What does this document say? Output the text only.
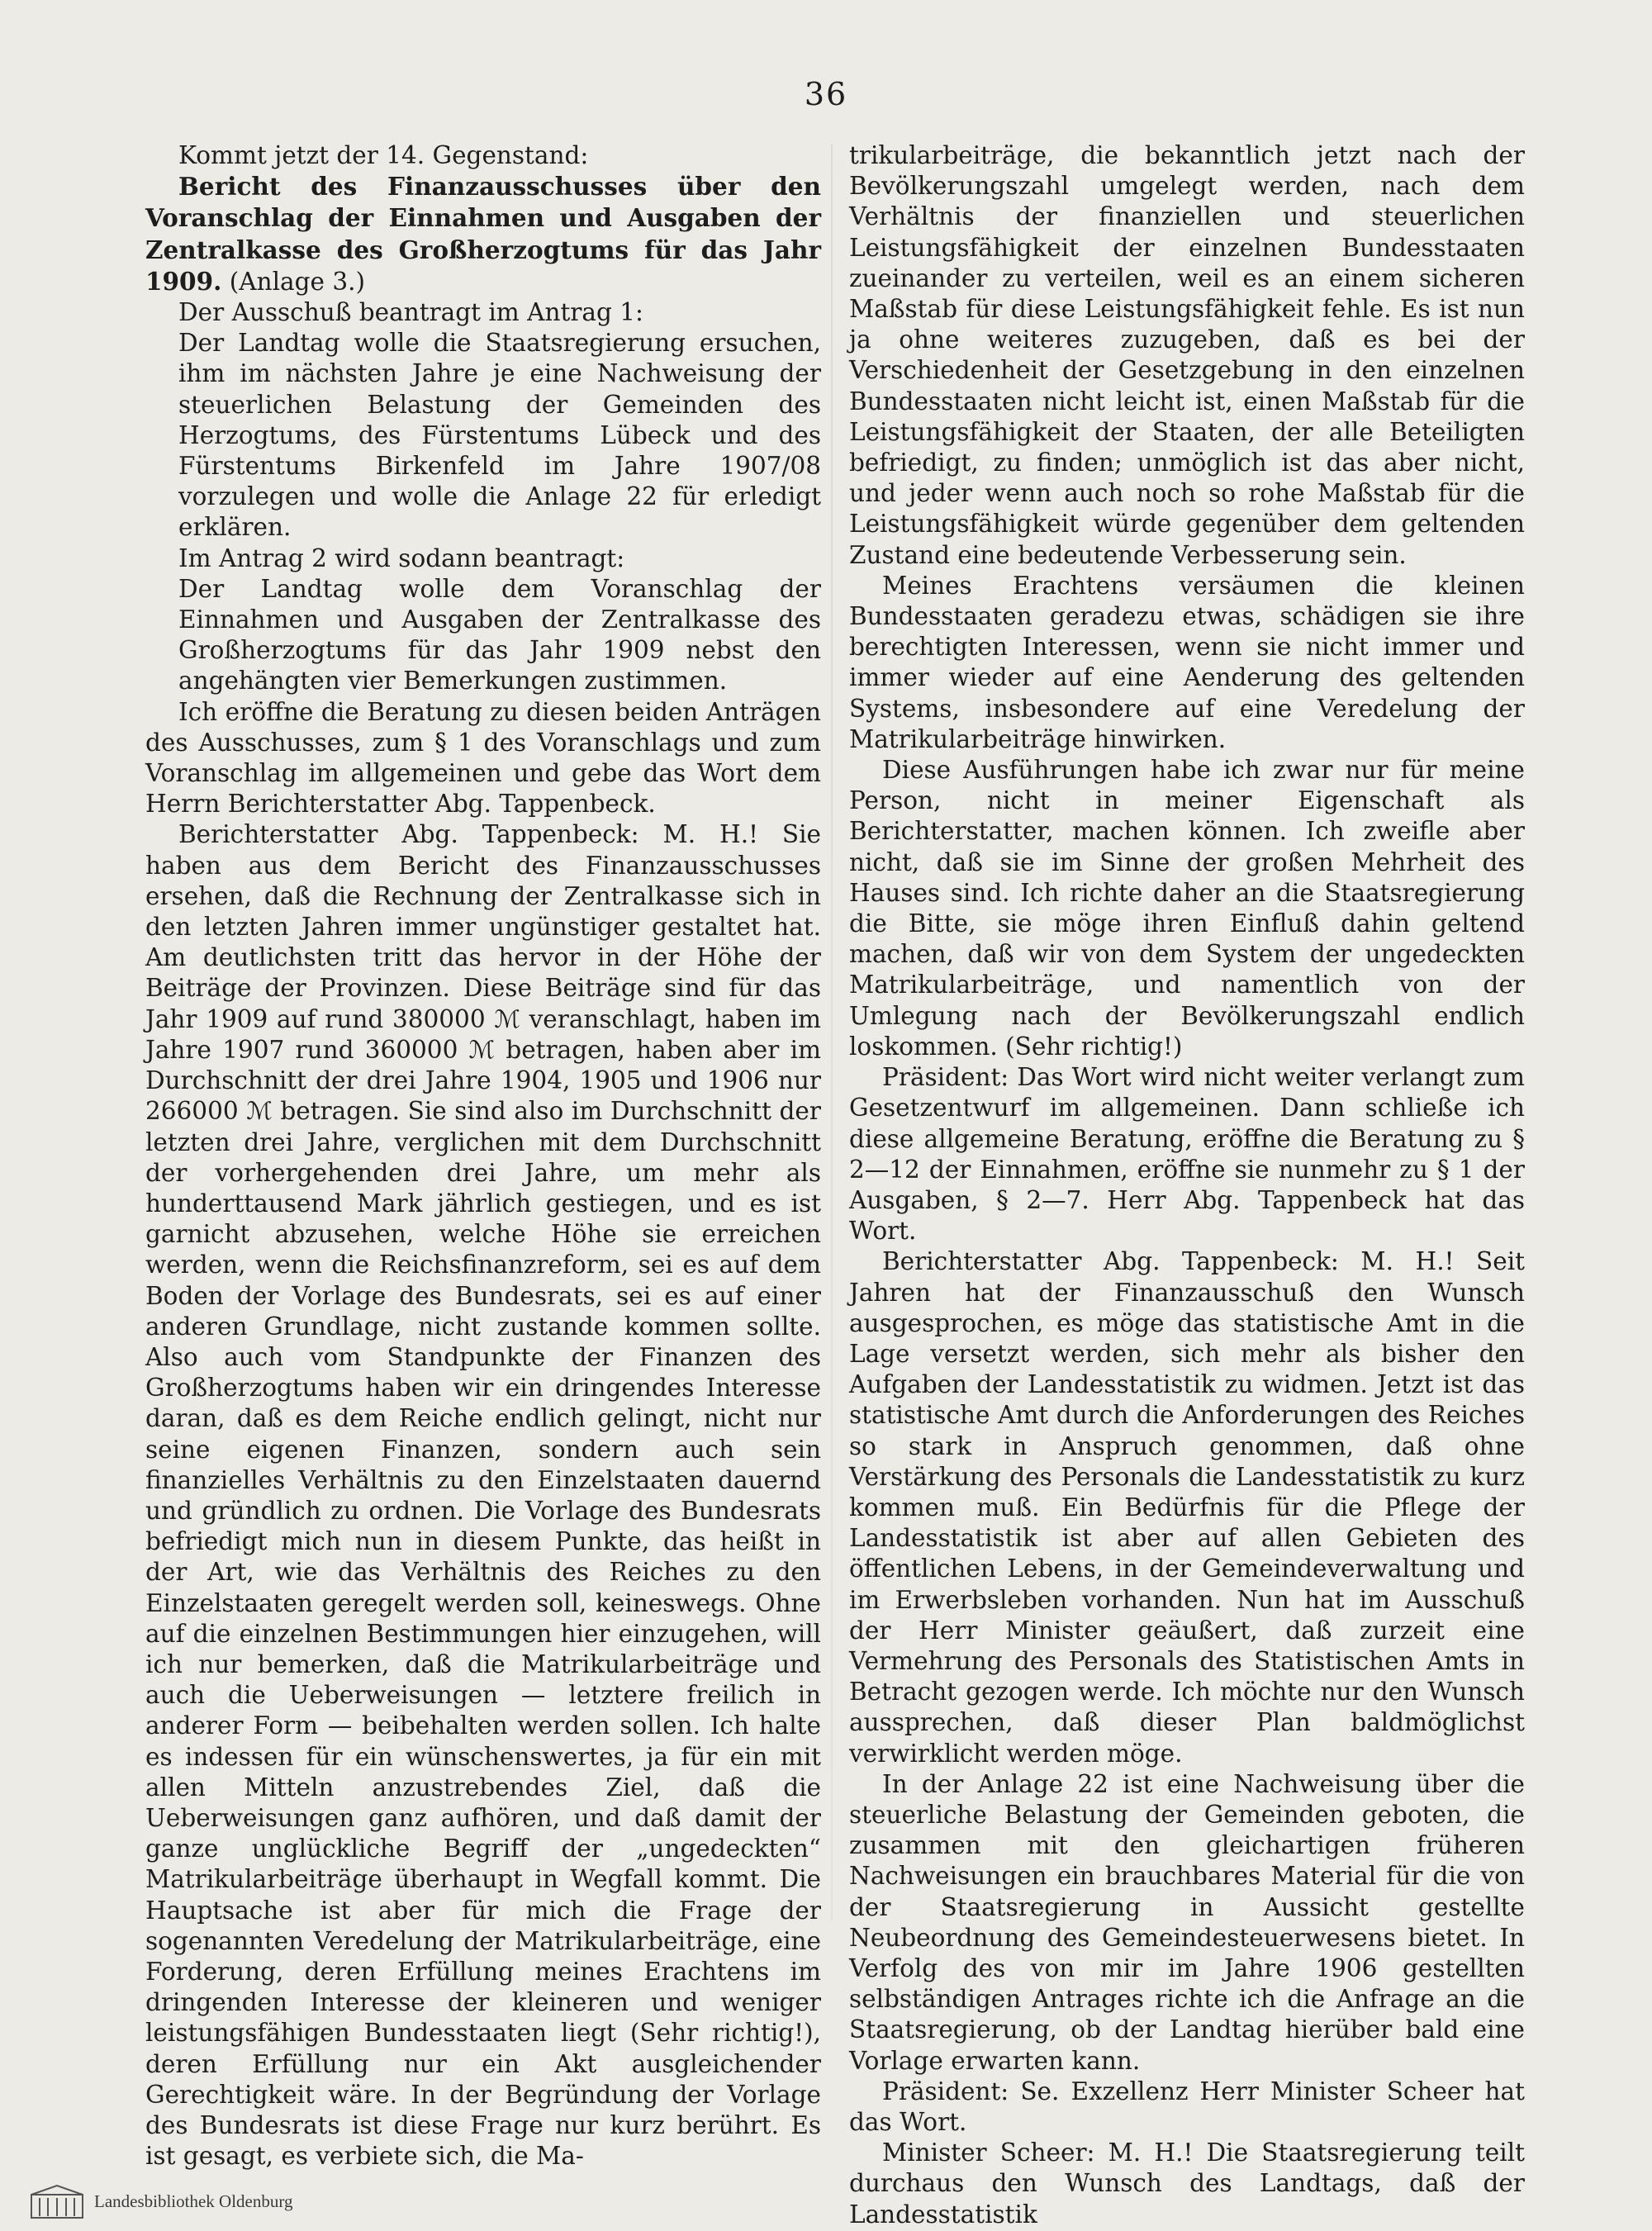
36

Kommt jetzt der 14. Gegenstand:

Bericht des Finanzausschusses über den Voranschlag der Einnahmen und Ausgaben der Zentralkasse des Großherzogtums für das Jahr 1909. (Anlage 3.)

Der Ausschuß beantragt im Antrag 1:

Der Landtag wolle die Staatsregierung ersuchen, ihm im nächsten Jahre je eine Nachweisung der steuerlichen Belastung der Gemeinden des Herzogtums, des Fürstentums Lübeck und des Fürstentums Birkenfeld im Jahre 1907/08 vorzulegen und wolle die Anlage 22 für erledigt erklären.

Im Antrag 2 wird sodann beantragt:

Der Landtag wolle dem Voranschlag der Einnahmen und Ausgaben der Zentralkasse des Großherzogtums für das Jahr 1909 nebst den angehängten vier Bemerkungen zustimmen.

Ich eröffne die Beratung zu diesen beiden Anträgen des Ausschusses, zum § 1 des Voranschlags und zum Voranschlag im allgemeinen und gebe das Wort dem Herrn Berichterstatter Abg. Tappenbeck.

Berichterstatter Abg. Tappenbeck: M. H.! Sie haben aus dem Bericht des Finanzausschusses ersehen, daß die Rechnung der Zentralkasse sich in den letzten Jahren immer ungünstiger gestaltet hat. Am deutlichsten tritt das hervor in der Höhe der Beiträge der Provinzen. Diese Beiträge sind für das Jahr 1909 auf rund 380000 ℳ veranschlagt, haben im Jahre 1907 rund 360000 ℳ betragen, haben aber im Durchschnitt der drei Jahre 1904, 1905 und 1906 nur 266000 ℳ betragen. Sie sind also im Durchschnitt der letzten drei Jahre, verglichen mit dem Durchschnitt der vorhergehenden drei Jahre, um mehr als hunderttausend Mark jährlich gestiegen, und es ist garnicht abzusehen, welche Höhe sie erreichen werden, wenn die Reichsfinanzreform, sei es auf dem Boden der Vorlage des Bundesrats, sei es auf einer anderen Grundlage, nicht zustande kommen sollte. Also auch vom Standpunkte der Finanzen des Großherzogtums haben wir ein dringendes Interesse daran, daß es dem Reiche endlich gelingt, nicht nur seine eigenen Finanzen, sondern auch sein finanzielles Verhältnis zu den Einzelstaaten dauernd und gründlich zu ordnen. Die Vorlage des Bundesrats befriedigt mich nun in diesem Punkte, das heißt in der Art, wie das Verhältnis des Reiches zu den Einzelstaaten geregelt werden soll, keineswegs. Ohne auf die einzelnen Bestimmungen hier einzugehen, will ich nur bemerken, daß die Matrikularbeiträge und auch die Ueberweisungen — letztere freilich in anderer Form — beibehalten werden sollen. Ich halte es indessen für ein wünschenswertes, ja für ein mit allen Mitteln anzustrebendes Ziel, daß die Ueberweisungen ganz aufhören, und daß damit der ganze unglückliche Begriff der „ungedeckten“ Matrikularbeiträge überhaupt in Wegfall kommt. Die Hauptsache ist aber für mich die Frage der sogenannten Veredelung der Matrikularbeiträge, eine Forderung, deren Erfüllung meines Erachtens im dringenden Interesse der kleineren und weniger leistungsfähigen Bundesstaaten liegt (Sehr richtig!), deren Erfüllung nur ein Akt ausgleichender Gerechtigkeit wäre. In der Begründung der Vorlage des Bundesrats ist diese Frage nur kurz berührt. Es ist gesagt, es verbiete sich, die Ma-

trikularbeiträge, die bekanntlich jetzt nach der Bevölkerungszahl umgelegt werden, nach dem Verhältnis der finanziellen und steuerlichen Leistungsfähigkeit der einzelnen Bundesstaaten zueinander zu verteilen, weil es an einem sicheren Maßstab für diese Leistungsfähigkeit fehle. Es ist nun ja ohne weiteres zuzugeben, daß es bei der Verschiedenheit der Gesetzgebung in den einzelnen Bundesstaaten nicht leicht ist, einen Maßstab für die Leistungsfähigkeit der Staaten, der alle Beteiligten befriedigt, zu finden; unmöglich ist das aber nicht, und jeder wenn auch noch so rohe Maßstab für die Leistungsfähigkeit würde gegenüber dem geltenden Zustand eine bedeutende Verbesserung sein.

Meines Erachtens versäumen die kleinen Bundesstaaten geradezu etwas, schädigen sie ihre berechtigten Interessen, wenn sie nicht immer und immer wieder auf eine Aenderung des geltenden Systems, insbesondere auf eine Veredelung der Matrikularbeiträge hinwirken.

Diese Ausführungen habe ich zwar nur für meine Person, nicht in meiner Eigenschaft als Berichterstatter, machen können. Ich zweifle aber nicht, daß sie im Sinne der großen Mehrheit des Hauses sind. Ich richte daher an die Staatsregierung die Bitte, sie möge ihren Einfluß dahin geltend machen, daß wir von dem System der ungedeckten Matrikularbeiträge, und namentlich von der Umlegung nach der Bevölkerungszahl endlich loskommen. (Sehr richtig!)

Präsident: Das Wort wird nicht weiter verlangt zum Gesetzentwurf im allgemeinen. Dann schließe ich diese allgemeine Beratung, eröffne die Beratung zu § 2—12 der Einnahmen, eröffne sie nunmehr zu § 1 der Ausgaben, § 2—7. Herr Abg. Tappenbeck hat das Wort.

Berichterstatter Abg. Tappenbeck: M. H.! Seit Jahren hat der Finanzausschuß den Wunsch ausgesprochen, es möge das statistische Amt in die Lage versetzt werden, sich mehr als bisher den Aufgaben der Landesstatistik zu widmen. Jetzt ist das statistische Amt durch die Anforderungen des Reiches so stark in Anspruch genommen, daß ohne Verstärkung des Personals die Landesstatistik zu kurz kommen muß. Ein Bedürfnis für die Pflege der Landesstatistik ist aber auf allen Gebieten des öffentlichen Lebens, in der Gemeindeverwaltung und im Erwerbsleben vorhanden. Nun hat im Ausschuß der Herr Minister geäußert, daß zurzeit eine Vermehrung des Personals des Statistischen Amts in Betracht gezogen werde. Ich möchte nur den Wunsch aussprechen, daß dieser Plan baldmöglichst verwirklicht werden möge.

In der Anlage 22 ist eine Nachweisung über die steuerliche Belastung der Gemeinden geboten, die zusammen mit den gleichartigen früheren Nachweisungen ein brauchbares Material für die von der Staatsregierung in Aussicht gestellte Neubeordnung des Gemeindesteuerwesens bietet. In Verfolg des von mir im Jahre 1906 gestellten selbständigen Antrages richte ich die Anfrage an die Staatsregierung, ob der Landtag hierüber bald eine Vorlage erwarten kann.

Präsident: Se. Exzellenz Herr Minister Scheer hat das Wort.

Minister Scheer: M. H.! Die Staatsregierung teilt durchaus den Wunsch des Landtags, daß der Landesstatistik

Landesbibliothek Oldenburg
